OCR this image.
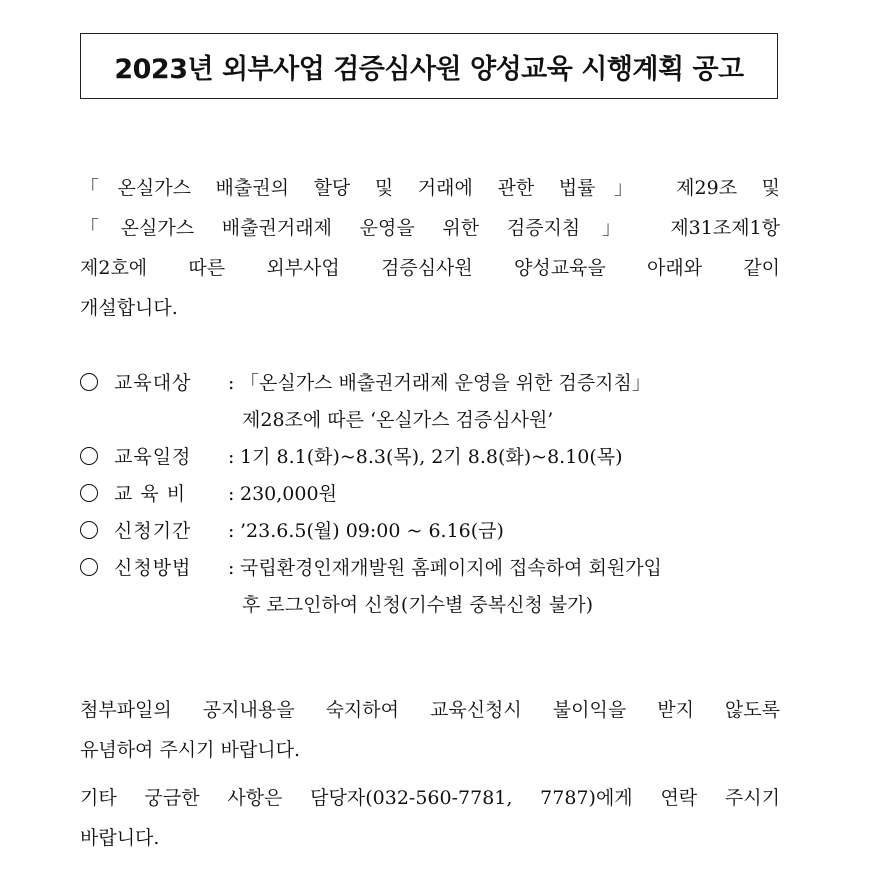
2023년 외부사업 검증심사원 양성교육 시행계획 공고
「온실가스 배출권의 할당 및 거래에 관한 법률」 제29조 및
「온실가스 배출권거래제 운영을 위한 검증지침」 제31조제1항
제2호에 따른 외부사업 검증심사원 양성교육을 아래와 같이
개설합니다.
교육대상	: 「온실가스 배출권거래제 운영을 위한 검증지침」
제28조에 따른 ‘온실가스 검증심사원’
교육일정	: 1기 8.1(화)~8.3(목), 2기 8.8(화)~8.10(목)
교 육 비	: 230,000원
신청기간	: ’23.6.5(월) 09:00 ~ 6.16(금)
신청방법	: 국립환경인재개발원 홈페이지에 접속하여 회원가입
후 로그인하여 신청(기수별 중복신청 불가)
첨부파일의 공지내용을 숙지하여 교육신청시 불이익을 받지 않도록
유념하여 주시기 바랍니다.
기타 궁금한 사항은 담당자(032-560-7781, 7787)에게 연락 주시기
바랍니다.
